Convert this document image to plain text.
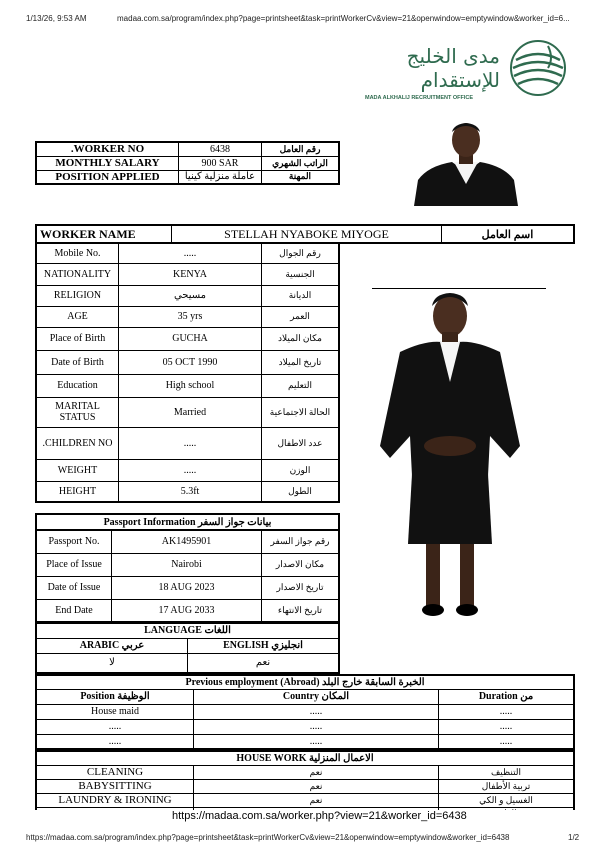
1/13/26, 9:53 AM	madaa.com.sa/program/index.php?page=printsheet&task=printWorkerCv&view=21&openwindow=emptywindow&worker_id=6...
مدى الخليج للإستقدام
MADA ALKHALIJ RECRUITMENT OFFICE
.WORKER NO	6438	رقم العامل
MONTHLY SALARY	900 SAR	الراتب الشهري
POSITION APPLIED	عاملة منزلية كينيا	المهنة
WORKER NAME	STELLAH NYABOKE MIYOGE	اسم العامل
Mobile No.	.....	رقم الجوال
NATIONALITY	KENYA	الجنسية
RELIGION	مسيحي	الديانة
AGE	35 yrs	العمر
Place of Birth	GUCHA	مكان الميلاد
Date of Birth	05 OCT 1990	تاريخ الميلاد
Education	High school	التعليم
MARITAL STATUS	Married	الحالة الاجتماعية
.CHILDREN NO	.....	عدد الاطفال
WEIGHT	.....	الوزن
HEIGHT	5.3ft	الطول
Passport Information بيانات جواز السفر
Passport No.	AK1495901	رقم جواز السفر
Place of Issue	Nairobi	مكان الاصدار
Date of Issue	18 AUG 2023	تاريخ الاصدار
End Date	17 AUG 2033	تاريخ الانتهاء
LANGUAGE اللغات	
ARABIC عربي	ENGLISH انجليزي
لا	نعم
Previous employment (Abroad) الخبرة السابقة خارج البلد		
Position الوظيفة	Country المكان	Duration من
House maid	.....	.....
.....	.....	.....
.....	.....	.....
HOUSE WORK الاعمال المنزلية		
CLEANING	نعم	التنظيف
BABYSITTING	نعم	تربية الأطفال
LAUNDRY & IRONING	نعم	الغسيل و الكي

https://madaa.com.sa/worker.php?view=21&worker_id=6438
https://madaa.com.sa/program/index.php?page=printsheet&task=printWorkerCv&view=21&openwindow=emptywindow&worker_id=6438	1/2
